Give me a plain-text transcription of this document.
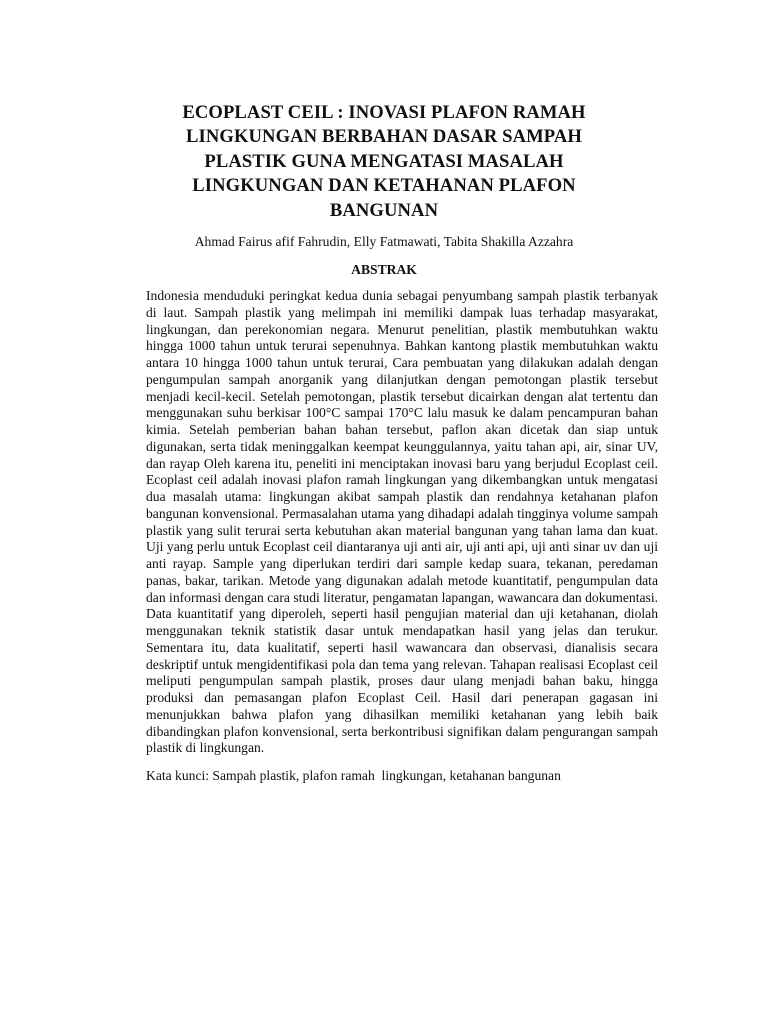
ECOPLAST CEIL : INOVASI PLAFON RAMAH LINGKUNGAN BERBAHAN DASAR SAMPAH PLASTIK GUNA MENGATASI MASALAH LINGKUNGAN DAN KETAHANAN PLAFON BANGUNAN
Ahmad Fairus afif Fahrudin, Elly Fatmawati, Tabita Shakilla Azzahra
ABSTRAK
Indonesia menduduki peringkat kedua dunia sebagai penyumbang sampah plastik terbanyak di laut. Sampah plastik yang melimpah ini memiliki dampak luas terhadap masyarakat, lingkungan, dan perekonomian negara. Menurut penelitian, plastik membutuhkan waktu hingga 1000 tahun untuk terurai sepenuhnya. Bahkan kantong plastik membutuhkan waktu antara 10 hingga 1000 tahun untuk terurai, Cara pembuatan yang dilakukan adalah dengan pengumpulan sampah anorganik yang dilanjutkan dengan pemotongan plastik tersebut menjadi kecil-kecil. Setelah pemotongan, plastik tersebut dicairkan dengan alat tertentu dan menggunakan suhu berkisar 100°C sampai 170°C lalu masuk ke dalam pencampuran bahan kimia. Setelah pemberian bahan bahan tersebut, paflon akan dicetak dan siap untuk digunakan, serta tidak meninggalkan keempat keunggulannya, yaitu tahan api, air, sinar UV, dan rayap Oleh karena itu, peneliti ini menciptakan inovasi baru yang berjudul Ecoplast ceil. Ecoplast ceil adalah inovasi plafon ramah lingkungan yang dikembangkan untuk mengatasi dua masalah utama: lingkungan akibat sampah plastik dan rendahnya ketahanan plafon bangunan konvensional. Permasalahan utama yang dihadapi adalah tingginya volume sampah plastik yang sulit terurai serta kebutuhan akan material bangunan yang tahan lama dan kuat. Uji yang perlu untuk Ecoplast ceil diantaranya uji anti air, uji anti api, uji anti sinar uv dan uji anti rayap. Sample yang diperlukan terdiri dari sample kedap suara, tekanan, peredaman panas, bakar, tarikan. Metode yang digunakan adalah metode kuantitatif, pengumpulan data dan informasi dengan cara studi literatur, pengamatan lapangan, wawancara dan dokumentasi. Data kuantitatif yang diperoleh, seperti hasil pengujian material dan uji ketahanan, diolah menggunakan teknik statistik dasar untuk mendapatkan hasil yang jelas dan terukur. Sementara itu, data kualitatif, seperti hasil wawancara dan observasi, dianalisis secara deskriptif untuk mengidentifikasi pola dan tema yang relevan. Tahapan realisasi Ecoplast ceil meliputi pengumpulan sampah plastik, proses daur ulang menjadi bahan baku, hingga produksi dan pemasangan plafon Ecoplast Ceil. Hasil dari penerapan gagasan ini menunjukkan bahwa plafon yang dihasilkan memiliki ketahanan yang lebih baik dibandingkan plafon konvensional, serta berkontribusi signifikan dalam pengurangan sampah plastik di lingkungan.
Kata kunci: Sampah plastik, plafon ramah  lingkungan, ketahanan bangunan
